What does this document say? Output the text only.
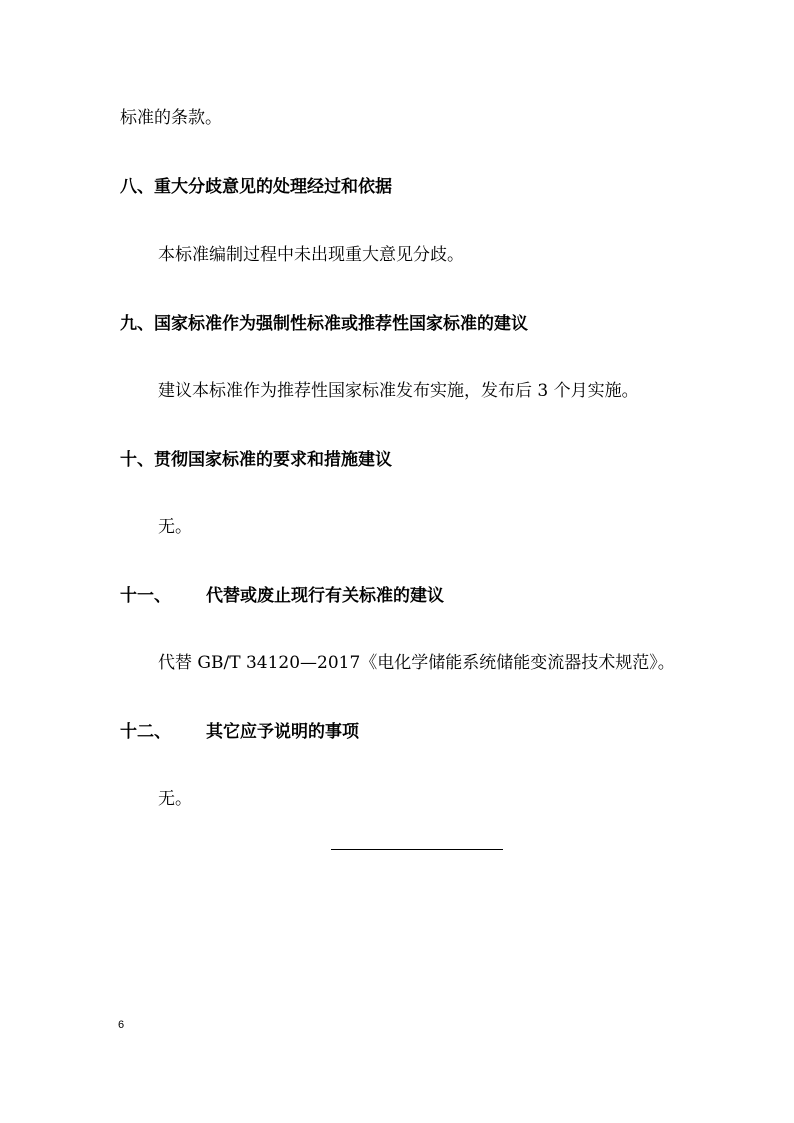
标准的条款。
八、重大分歧意见的处理经过和依据
本标准编制过程中未出现重大意见分歧。
九、国家标准作为强制性标准或推荐性国家标准的建议
建议本标准作为推荐性国家标准发布实施，发布后 3 个月实施。
十、贯彻国家标准的要求和措施建议
无。
十一、 代替或废止现行有关标准的建议
代替 GB/T 34120—2017《电化学储能系统储能变流器技术规范》。
十二、 其它应予说明的事项
无。
6
